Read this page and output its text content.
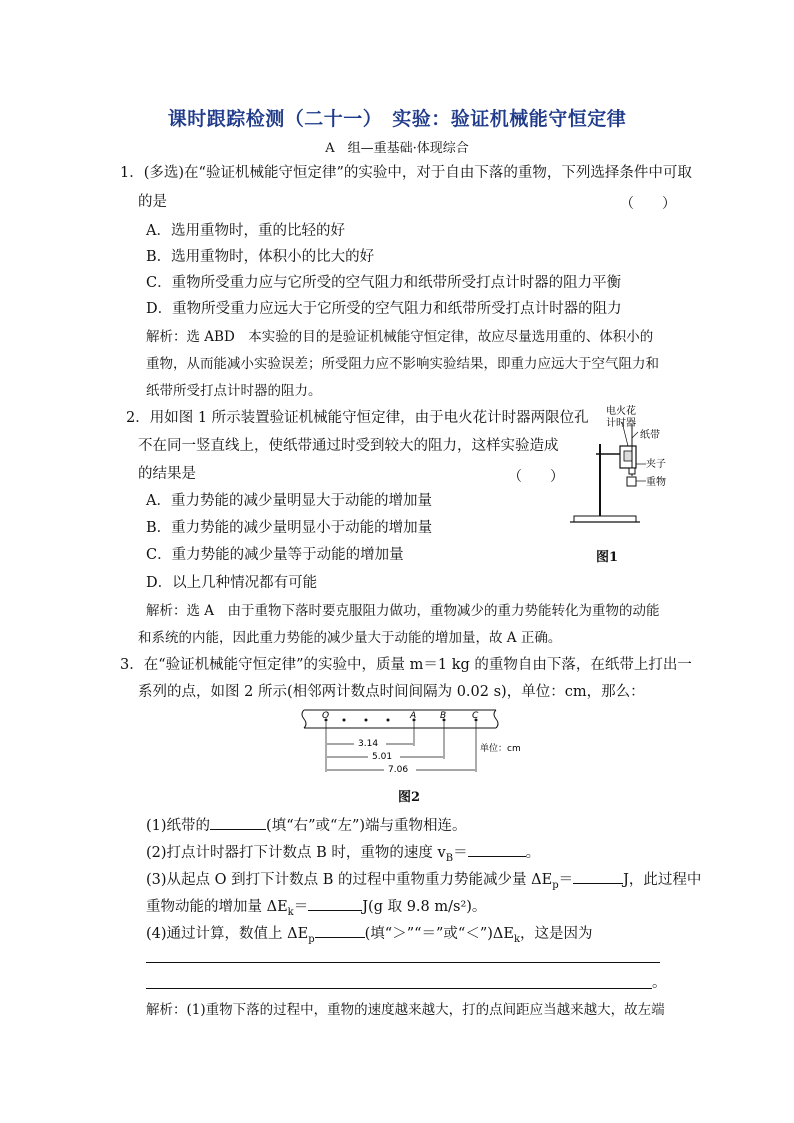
课时跟踪检测（二十一）　实验：验证机械能守恒定律
A　组—重基础·体现综合
1．(多选)在“验证机械能守恒定律”的实验中，对于自由下落的重物，下列选择条件中可取
的是	（　　）
A．选用重物时，重的比轻的好
B．选用重物时，体积小的比大的好
C．重物所受重力应与它所受的空气阻力和纸带所受打点计时器的阻力平衡
D．重物所受重力应远大于它所受的空气阻力和纸带所受打点计时器的阻力
解析：选 ABD　本实验的目的是验证机械能守恒定律，故应尽量选用重的、体积小的
重物，从而能减小实验误差；所受阻力应不影响实验结果，即重力应远大于空气阻力和
纸带所受打点计时器的阻力。
2．用如图 1 所示装置验证机械能守恒定律，由于电火花计时器两限位孔
不在同一竖直线上，使纸带通过时受到较大的阻力，这样实验造成
的结果是	（　　）
A．重力势能的减少量明显大于动能的增加量
B．重力势能的减少量明显小于动能的增加量
C．重力势能的减少量等于动能的增加量
D．以上几种情况都有可能
解析：选 A　由于重物下落时要克服阻力做功，重物减少的重力势能转化为重物的动能
和系统的内能，因此重力势能的减少量大于动能的增加量，故 A 正确。
电火花
计时器
纸带
夹子
重物
图1
3．在“验证机械能守恒定律”的实验中，质量 m＝1 kg 的重物自由下落，在纸带上打出一
系列的点，如图 2 所示(相邻两计数点时间间隔为 0.02 s)，单位：cm，那么：
O	A	B	C
3.14
5.01
7.06
单位：cm
图2
(1)纸带的	(填“右”或“左”)端与重物相连。
(2)打点计时器打下计数点 B 时，重物的速度 $v_B=$	。
(3)从起点 O 到打下计数点 B 的过程中重物重力势能减少量 $\Delta E_p=$	J，此过程中
重物动能的增加量 $\Delta E_k=$	J(g 取 9.8 m/s²)。
(4)通过计算，数值上 $\Delta E_p$	(填“＞”“＝”或“$<”)\Delta E_k$，这是因为
。
解析：(1)重物下落的过程中，重物的速度越来越大，打的点间距应当越来越大，故左端
